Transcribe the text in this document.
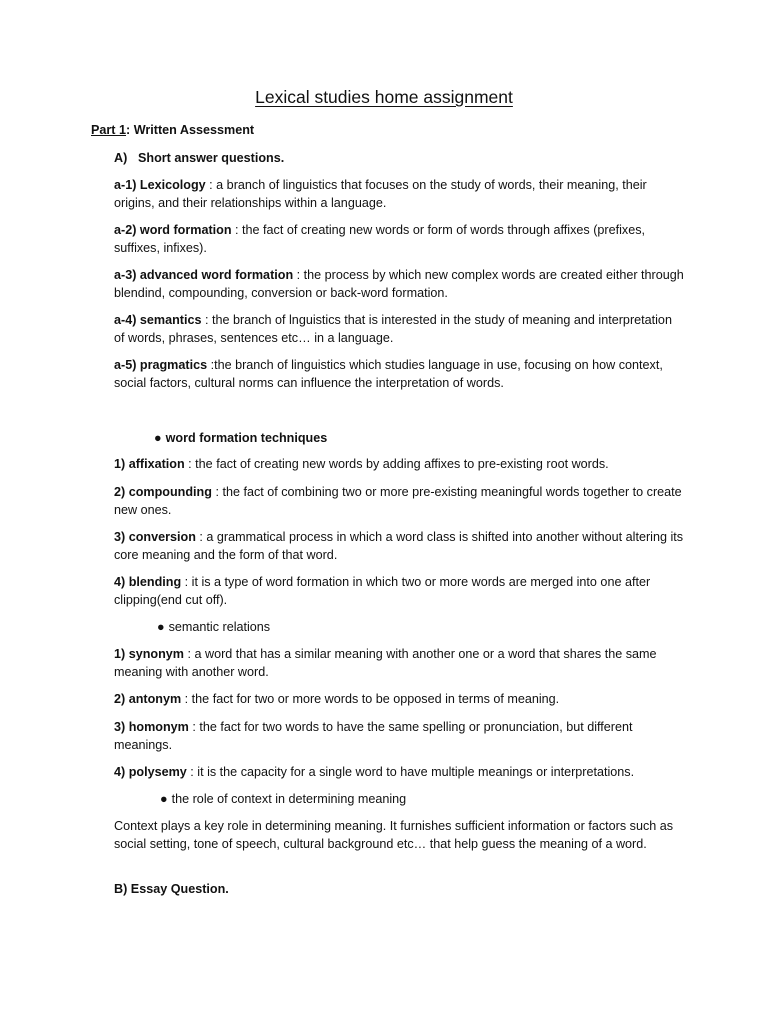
Lexical studies home assignment
Part 1: Written Assessment
A) Short answer questions.
a-1) Lexicology : a branch of linguistics that focuses on the study of words, their meaning, their origins, and their relationships within a language.
a-2) word formation : the fact of creating new words or form of words through affixes (prefixes, suffixes, infixes).
a-3) advanced word formation : the process by which new complex words are created either through blendind, compounding, conversion or back-word formation.
a-4) semantics : the branch of lnguistics that is interested in the study of meaning and interpretation of words, phrases, sentences etc… in a language.
a-5) pragmatics :the branch of linguistics which studies language in use, focusing on how context, social factors, cultural norms can influence the interpretation of words.
● word formation techniques
1) affixation : the fact of creating new words by adding affixes to pre-existing root words.
2) compounding : the fact of combining two or more pre-existing meaningful words together to create new ones.
3) conversion : a grammatical process in which a word class is shifted into another without altering its core meaning and the form of that word.
4) blending : it is a type of word formation in which two or more words are merged into one after clipping(end cut off).
● semantic relations
1) synonym : a word that has a similar meaning with another one or a word that shares the same meaning with another word.
2) antonym : the fact for two or more words to be opposed in terms of meaning.
3) homonym : the fact for two words to have the same spelling or pronunciation, but different meanings.
4) polysemy : it is the capacity for a single word to have multiple meanings or interpretations.
● the role of context in determining meaning
Context plays a key role in determining meaning. It furnishes sufficient information or factors such as social setting, tone of speech, cultural background etc… that help guess the meaning of a word.
B) Essay Question.
